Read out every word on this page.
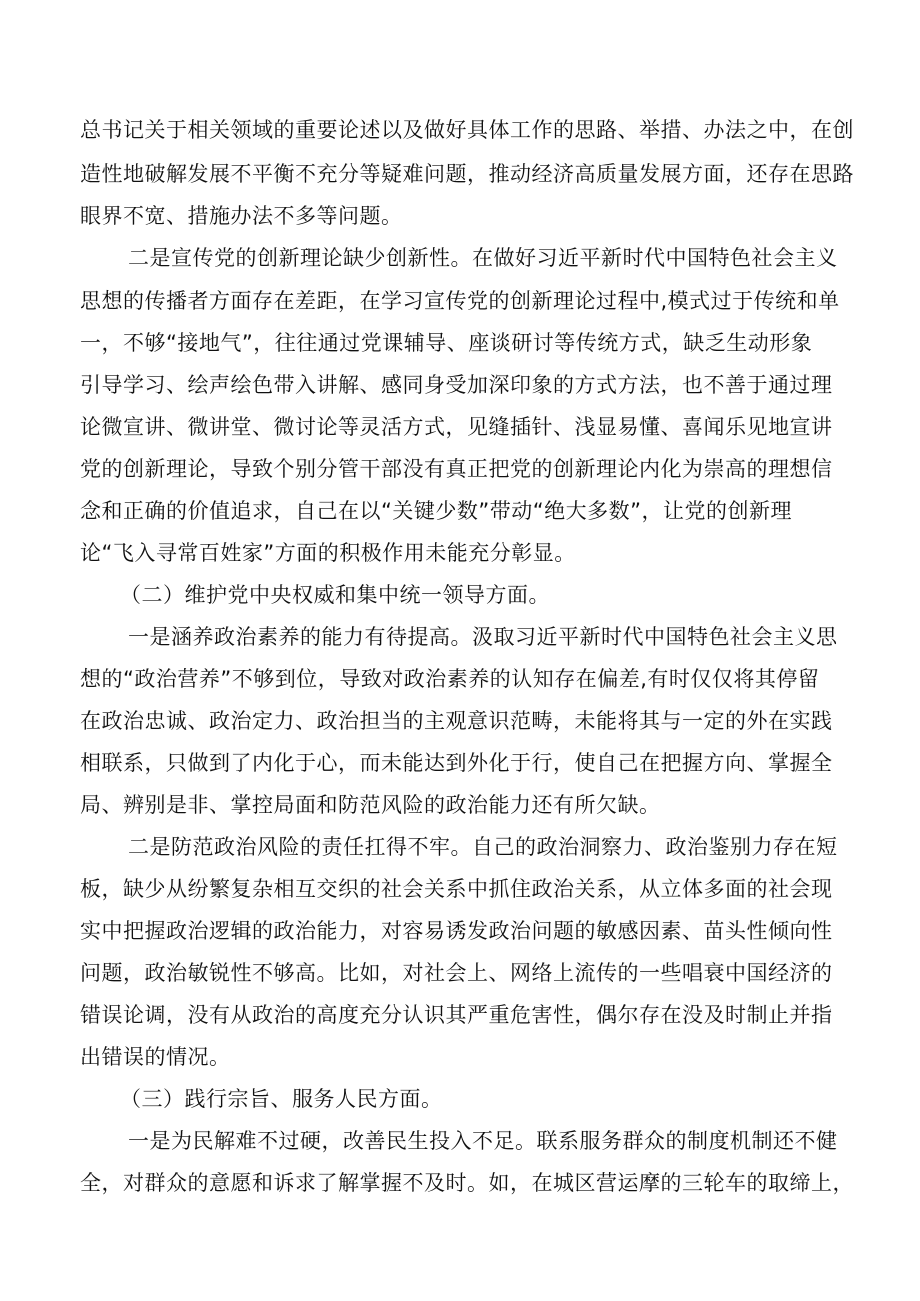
总书记关于相关领域的重要论述以及做好具体工作的思路、举措、办法之中，在创
造性地破解发展不平衡不充分等疑难问题，推动经济高质量发展方面，还存在思路
眼界不宽、措施办法不多等问题。
二是宣传党的创新理论缺少创新性。在做好习近平新时代中国特色社会主义
思想的传播者方面存在差距，在学习宣传党的创新理论过程中,模式过于传统和单
一，不够“接地气”，往往通过党课辅导、座谈研讨等传统方式，缺乏生动形象
引导学习、绘声绘色带入讲解、感同身受加深印象的方式方法，也不善于通过理
论微宣讲、微讲堂、微讨论等灵活方式，见缝插针、浅显易懂、喜闻乐见地宣讲
党的创新理论，导致个别分管干部没有真正把党的创新理论内化为崇高的理想信
念和正确的价值追求，自己在以“关键少数”带动“绝大多数”，让党的创新理
论“飞入寻常百姓家”方面的积极作用未能充分彰显。
（二）维护党中央权威和集中统一领导方面。
一是涵养政治素养的能力有待提高。汲取习近平新时代中国特色社会主义思
想的“政治营养”不够到位，导致对政治素养的认知存在偏差,有时仅仅将其停留
在政治忠诚、政治定力、政治担当的主观意识范畴，未能将其与一定的外在实践
相联系，只做到了内化于心，而未能达到外化于行，使自己在把握方向、掌握全
局、辨别是非、掌控局面和防范风险的政治能力还有所欠缺。
二是防范政治风险的责任扛得不牢。自己的政治洞察力、政治鉴别力存在短
板，缺少从纷繁复杂相互交织的社会关系中抓住政治关系，从立体多面的社会现
实中把握政治逻辑的政治能力，对容易诱发政治问题的敏感因素、苗头性倾向性
问题，政治敏锐性不够高。比如，对社会上、网络上流传的一些唱衰中国经济的
错误论调，没有从政治的高度充分认识其严重危害性，偶尔存在没及时制止并指
出错误的情况。
（三）践行宗旨、服务人民方面。
一是为民解难不过硬，改善民生投入不足。联系服务群众的制度机制还不健
全，对群众的意愿和诉求了解掌握不及时。如，在城区营运摩的三轮车的取缔上，
